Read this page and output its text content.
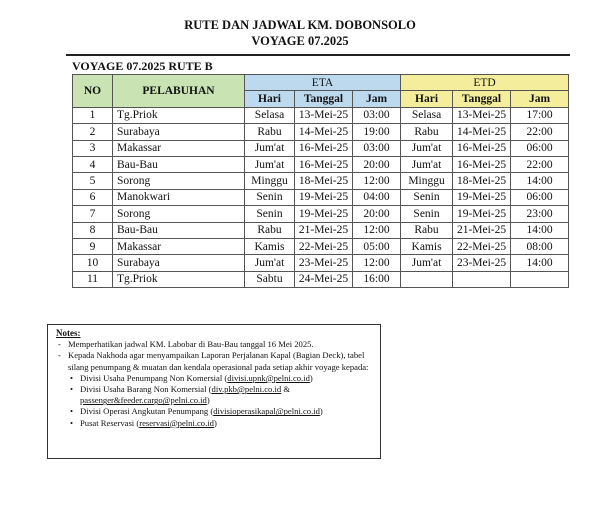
RUTE DAN JADWAL KM. DOBONSOLO
VOYAGE 07.2025
VOYAGE 07.2025 RUTE B
NO	PELABUHAN	ETA			ETD		
		Hari	Tanggal	Jam	Hari	Tanggal	Jam
1	Tg.Priok	Selasa	13-Mei-25	03:00	Selasa	13-Mei-25	17:00
2	Surabaya	Rabu	14-Mei-25	19:00	Rabu	14-Mei-25	22:00
3	Makassar	Jum'at	16-Mei-25	03:00	Jum'at	16-Mei-25	06:00
4	Bau-Bau	Jum'at	16-Mei-25	20:00	Jum'at	16-Mei-25	22:00
5	Sorong	Minggu	18-Mei-25	12:00	Minggu	18-Mei-25	14:00
6	Manokwari	Senin	19-Mei-25	04:00	Senin	19-Mei-25	06:00
7	Sorong	Senin	19-Mei-25	20:00	Senin	19-Mei-25	23:00
8	Bau-Bau	Rabu	21-Mei-25	12:00	Rabu	21-Mei-25	14:00
9	Makassar	Kamis	22-Mei-25	05:00	Kamis	22-Mei-25	08:00
10	Surabaya	Jum'at	23-Mei-25	12:00	Jum'at	23-Mei-25	14:00
11	Tg.Priok	Sabtu	24-Mei-25	16:00			
Notes:
- Memperhatikan jadwal KM. Labobar di Bau-Bau tanggal 16 Mei 2025.
- Kepada Nakhoda agar menyampaikan Laporan Perjalanan Kapal (Bagian Deck), tabel silang penumpang & muatan dan kendala operasional pada setiap akhir voyage kepada:
• Divisi Usaha Penumpang Non Komersial (divisi.upnk@pelni.co.id)
• Divisi Usaha Barang Non Komersial (div.pkb@pelni.co.id & passenger&feeder.cargo@pelni.co.id)
• Divisi Operasi Angkutan Penumpang (divisioperasikapal@pelni.co.id)
• Pusat Reservasi (reservasi@pelni.co.id)
